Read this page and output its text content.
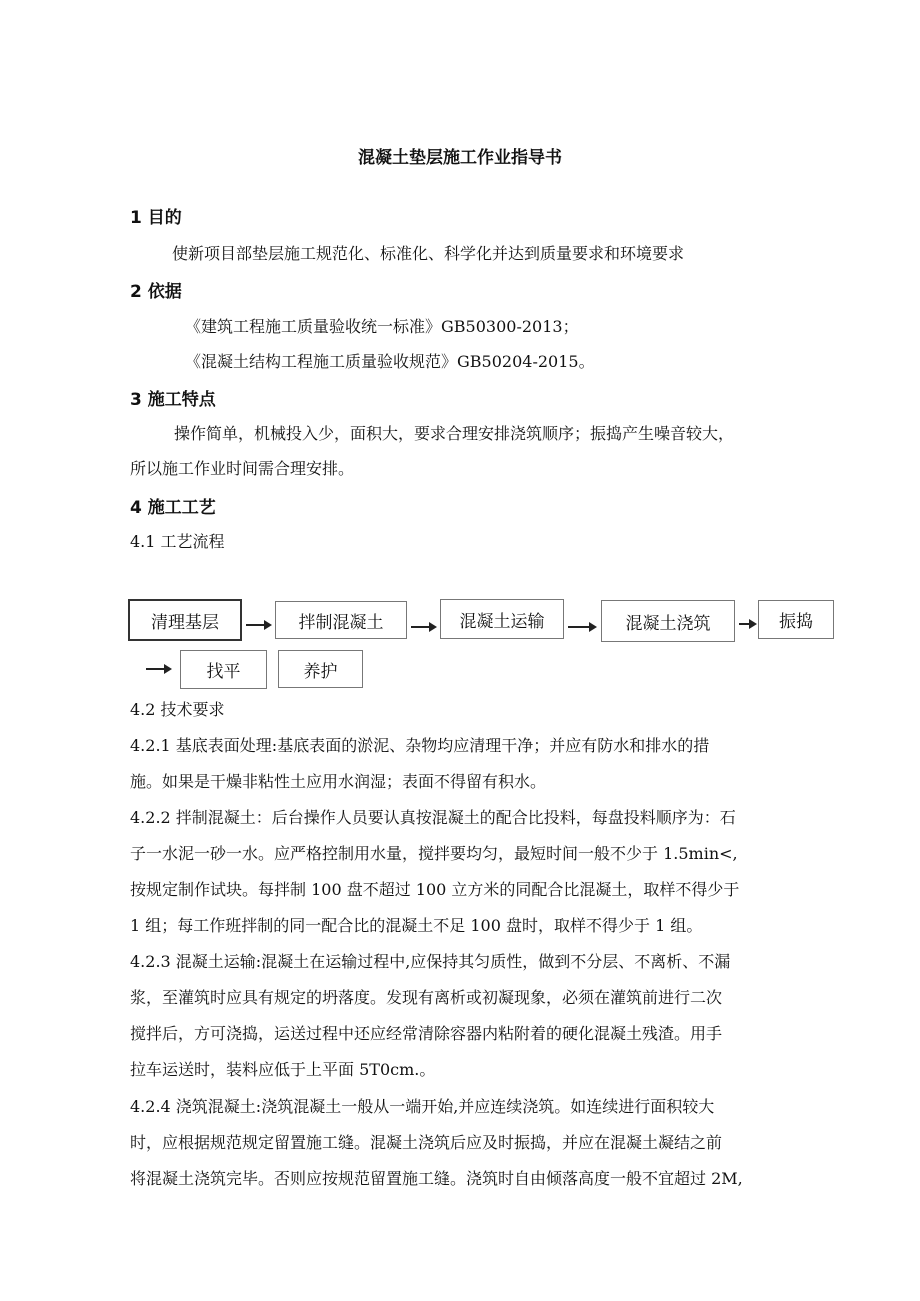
混凝土垫层施工作业指导书
1 目的
使新项目部垫层施工规范化、标准化、科学化并达到质量要求和环境要求
2 依据
《建筑工程施工质量验收统一标准》GB50300-2013；
《混凝土结构工程施工质量验收规范》GB50204-2015。
3 施工特点
操作简单，机械投入少，面积大，要求合理安排浇筑顺序；振捣产生噪音较大，
所以施工作业时间需合理安排。
4 施工工艺
4.1 工艺流程
清理基层	拌制混凝土	混凝土运输	混凝土浇筑	振捣
找平	养护
4.2 技术要求
4.2.1 基底表面处理:基底表面的淤泥、杂物均应清理干净；并应有防水和排水的措
施。如果是干燥非粘性土应用水润湿；表面不得留有积水。
4.2.2 拌制混凝土：后台操作人员要认真按混凝土的配合比投料，每盘投料顺序为：石
子一水泥一砂一水。应严格控制用水量，搅拌要均匀，最短时间一般不少于 1.5min<,
按规定制作试块。每拌制 100 盘不超过 100 立方米的同配合比混凝土，取样不得少于
1 组；每工作班拌制的同一配合比的混凝土不足 100 盘时，取样不得少于 1 组。
4.2.3 混凝土运输:混凝土在运输过程中,应保持其匀质性，做到不分层、不离析、不漏
浆，至灌筑时应具有规定的坍落度。发现有离析或初凝现象，必须在灌筑前进行二次
搅拌后，方可浇捣，运送过程中还应经常清除容器内粘附着的硬化混凝土残渣。用手
拉车运送时，装料应低于上平面 5T0cm.。
4.2.4 浇筑混凝土:浇筑混凝土一般从一端开始,并应连续浇筑。如连续进行面积较大
时，应根据规范规定留置施工缝。混凝土浇筑后应及时振捣，并应在混凝土凝结之前
将混凝土浇筑完毕。否则应按规范留置施工缝。浇筑时自由倾落高度一般不宜超过 2M,
